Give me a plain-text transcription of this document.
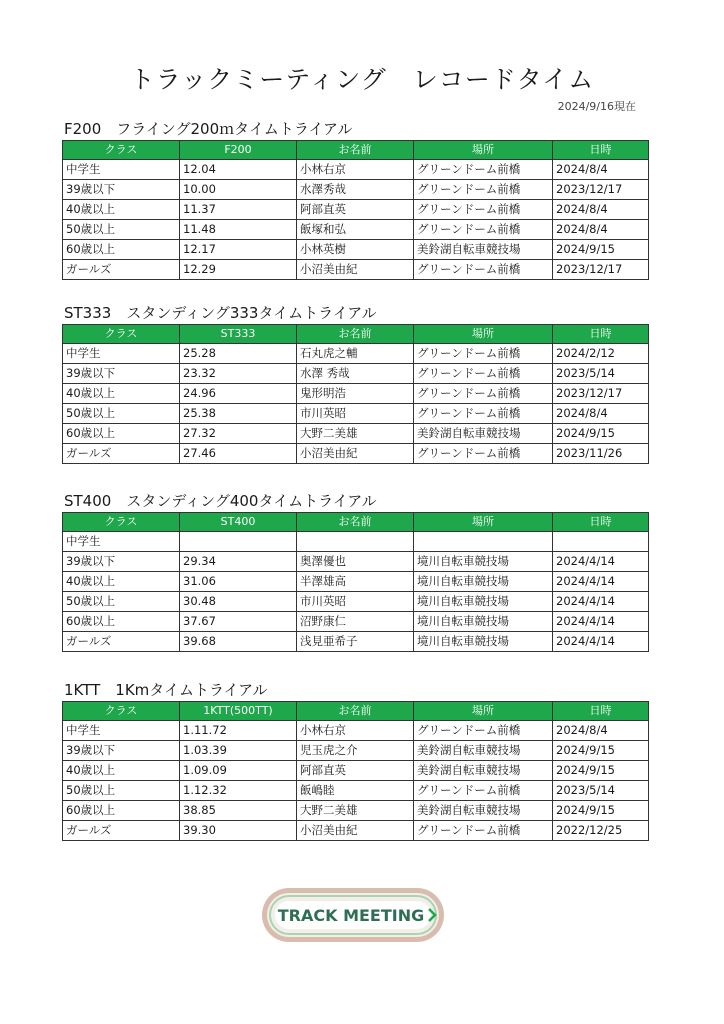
トラックミーティング　レコードタイム
2024/9/16現在
F200　フライング200ｍタイムトライアル
クラス	F200	お名前	場所	日時
中学生	12.04	小林右京	グリーンドーム前橋	2024/8/4
39歳以下	10.00	水澤秀哉	グリーンドーム前橋	2023/12/17
40歳以上	11.37	阿部直英	グリーンドーム前橋	2024/8/4
50歳以上	11.48	飯塚和弘	グリーンドーム前橋	2024/8/4
60歳以上	12.17	小林英樹	美鈴湖自転車競技場	2024/9/15
ガールズ	12.29	小沼美由紀	グリーンドーム前橋	2023/12/17
ST333　スタンディング333タイムトライアル
クラス	ST333	お名前	場所	日時
中学生	25.28	石丸虎之輔	グリーンドーム前橋	2024/2/12
39歳以下	23.32	水澤 秀哉	グリーンドーム前橋	2023/5/14
40歳以上	24.96	鬼形明浩	グリーンドーム前橋	2023/12/17
50歳以上	25.38	市川英昭	グリーンドーム前橋	2024/8/4
60歳以上	27.32	大野二美雄	美鈴湖自転車競技場	2024/9/15
ガールズ	27.46	小沼美由紀	グリーンドーム前橋	2023/11/26
ST400　スタンディング400タイムトライアル
クラス	ST400	お名前	場所	日時
中学生				
39歳以下	29.34	奥澤優也	境川自転車競技場	2024/4/14
40歳以上	31.06	半澤雄高	境川自転車競技場	2024/4/14
50歳以上	30.48	市川英昭	境川自転車競技場	2024/4/14
60歳以上	37.67	沼野康仁	境川自転車競技場	2024/4/14
ガールズ	39.68	浅見亜希子	境川自転車競技場	2024/4/14
1KTT　1Kmタイムトライアル
クラス	1KTT(500TT)	お名前	場所	日時
中学生	1.11.72	小林右京	グリーンドーム前橋	2024/8/4
39歳以下	1.03.39	児玉虎之介	美鈴湖自転車競技場	2024/9/15
40歳以上	1.09.09	阿部直英	美鈴湖自転車競技場	2024/9/15
50歳以上	1.12.32	飯嶋睦	グリーンドーム前橋	2023/5/14
60歳以上	38.85	大野二美雄	美鈴湖自転車競技場	2024/9/15
ガールズ	39.30	小沼美由紀	グリーンドーム前橋	2022/12/25
TRACK MEETING
